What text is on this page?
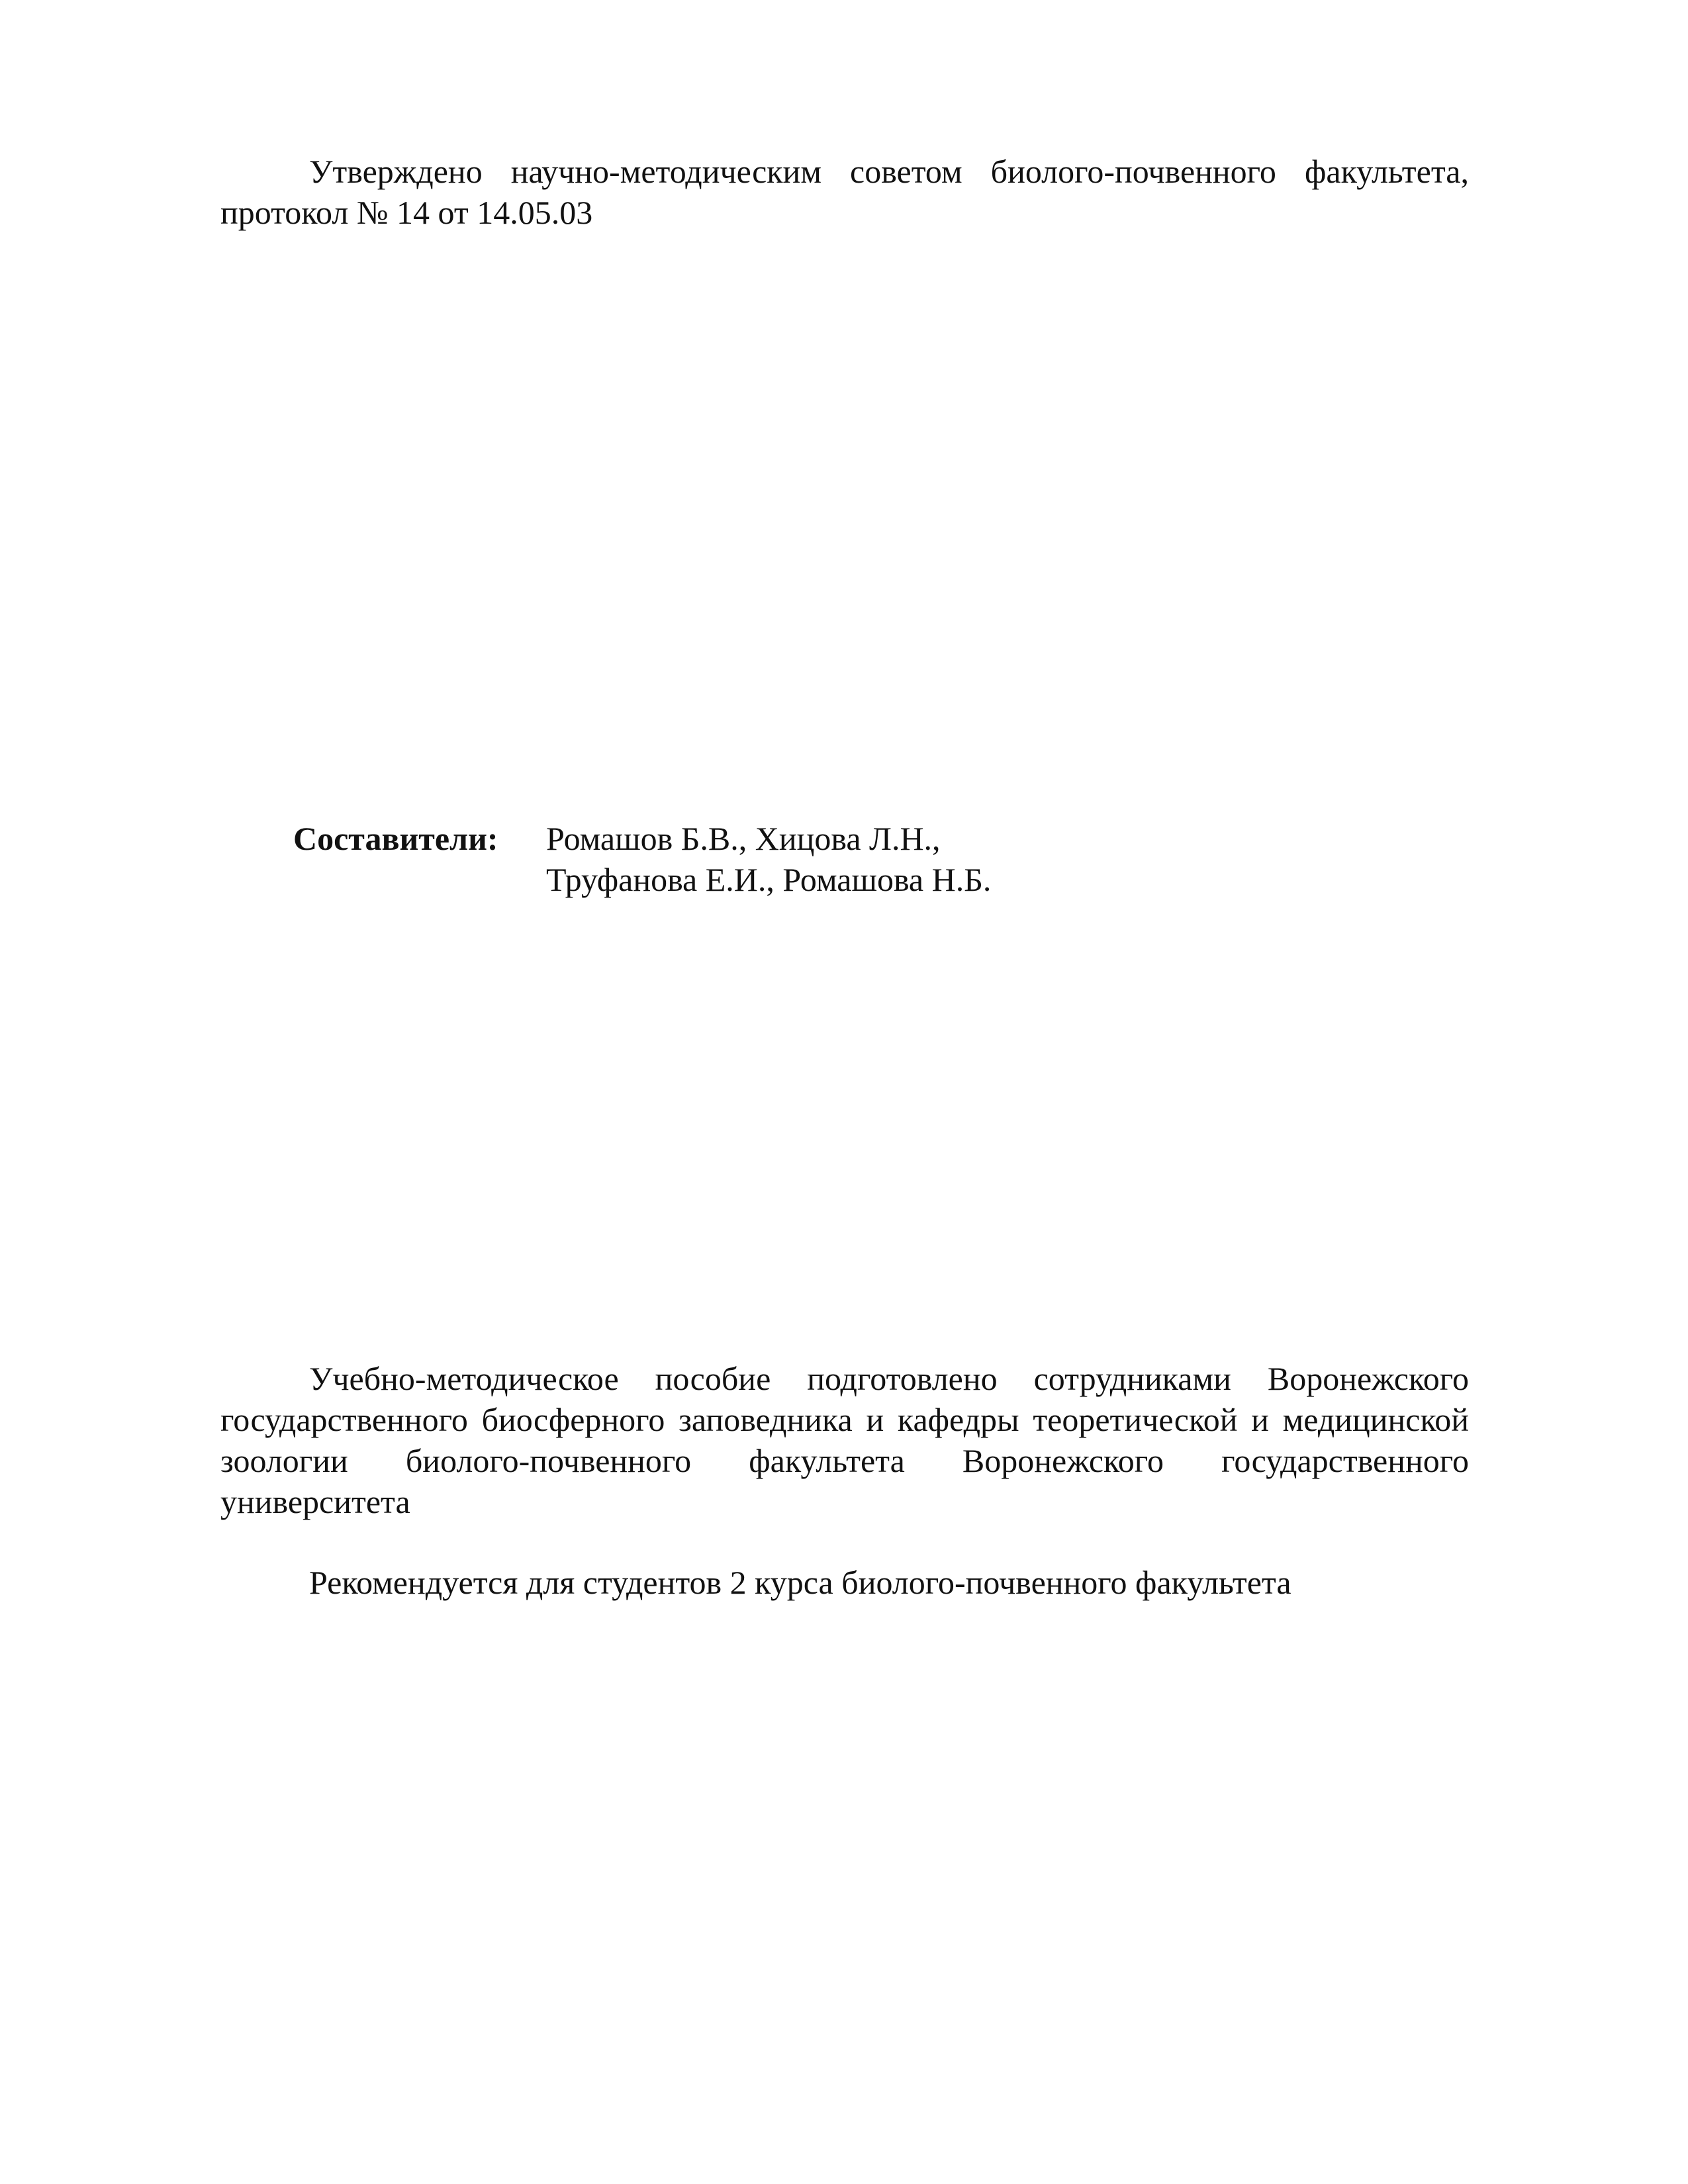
Утверждено научно-методическим советом биолого-почвенного факультета, протокол № 14 от 14.05.03

Составители: Ромашов Б.В., Хицова Л.Н.,
Труфанова Е.И., Ромашова Н.Б.

Учебно-методическое пособие подготовлено сотрудниками Воронежского государственного биосферного заповедника и кафедры теоретической и медицинской зоологии биолого-почвенного факультета Воронежского государственного университета

Рекомендуется для студентов 2 курса биолого-почвенного факультета
